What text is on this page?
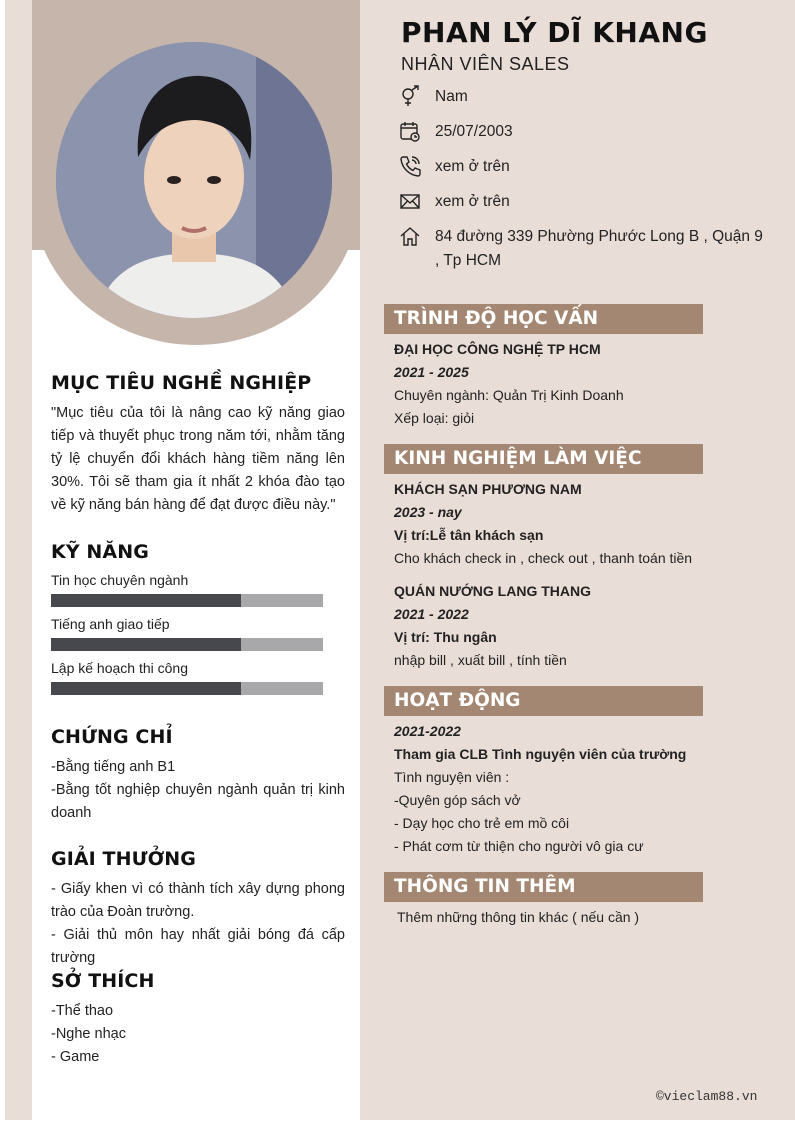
MỤC TIÊU NGHỀ NGHIỆP
"Mục tiêu của tôi là nâng cao kỹ năng giao tiếp và thuyết phục trong năm tới, nhằm tăng tỷ lệ chuyển đổi khách hàng tiềm năng lên 30%. Tôi sẽ tham gia ít nhất 2 khóa đào tạo về kỹ năng bán hàng để đạt được điều này."
KỸ NĂNG
Tin học chuyên ngành
Tiếng anh giao tiếp
Lập kế hoạch thi công
CHỨNG CHỈ
-Bằng tiếng anh B1
-Bằng tốt nghiệp chuyên ngành quản trị kinh doanh
GIẢI THƯỞNG
- Giấy khen vì có thành tích xây dựng phong trào của Đoàn trường.
- Giải thủ môn hay nhất giải bóng đá cấp trường
SỞ THÍCH
-Thể thao
-Nghe nhạc
- Game
PHAN LÝ DĨ KHANG
NHÂN VIÊN SALES
Nam
25/07/2003
xem ở trên
xem ở trên
84 đường 339 Phường Phước Long B , Quận 9 , Tp HCM
TRÌNH ĐỘ HỌC VẤN
ĐẠI HỌC CÔNG NGHỆ TP HCM
2021 - 2025
Chuyên ngành: Quản Trị Kinh Doanh
Xếp loại: giỏi
KINH NGHIỆM LÀM VIỆC
KHÁCH SẠN PHƯƠNG NAM
2023 - nay
Vị trí:Lễ tân khách sạn
Cho khách check in , check out , thanh toán tiền
QUÁN NƯỚNG LANG THANG
2021 - 2022
Vị trí: Thu ngân
nhập bill , xuất bill , tính tiền
HOẠT ĐỘNG
2021-2022
Tham gia CLB Tình nguyện viên của trường
Tình nguyện viên :
-Quyên góp sách vở
- Dạy học cho trẻ em mồ côi
- Phát cơm từ thiện cho người vô gia cư
THÔNG TIN THÊM
Thêm những thông tin khác ( nếu cần )
©vieclam88.vn
